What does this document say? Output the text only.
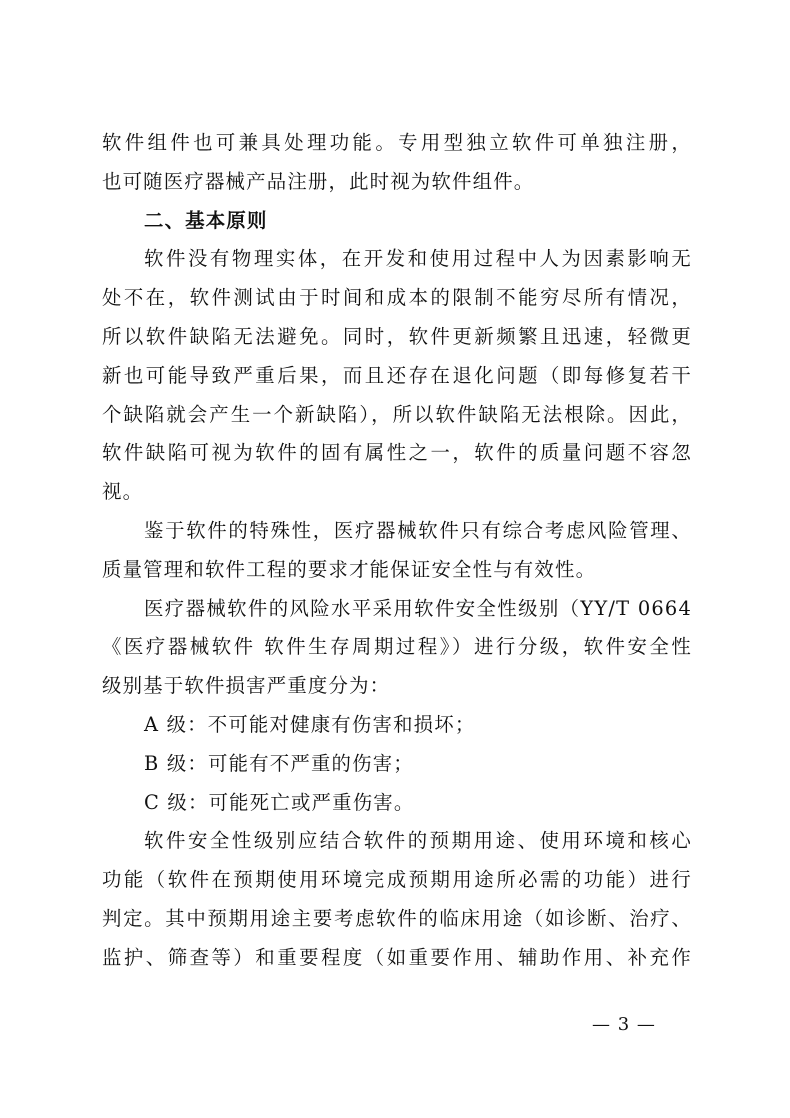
软件组件也可兼具处理功能。专用型独立软件可单独注册，
也可随医疗器械产品注册，此时视为软件组件。
二、基本原则
软件没有物理实体，在开发和使用过程中人为因素影响无
处不在，软件测试由于时间和成本的限制不能穷尽所有情况，
所以软件缺陷无法避免。同时，软件更新频繁且迅速，轻微更
新也可能导致严重后果，而且还存在退化问题（即每修复若干
个缺陷就会产生一个新缺陷），所以软件缺陷无法根除。因此，
软件缺陷可视为软件的固有属性之一，软件的质量问题不容忽
视。
鉴于软件的特殊性，医疗器械软件只有综合考虑风险管理、
质量管理和软件工程的要求才能保证安全性与有效性。
医疗器械软件的风险水平采用软件安全性级别（YY/T 0664
《医疗器械软件 软件生存周期过程》）进行分级，软件安全性
级别基于软件损害严重度分为：
A 级：不可能对健康有伤害和损坏；
B 级：可能有不严重的伤害；
C 级：可能死亡或严重伤害。
软件安全性级别应结合软件的预期用途、使用环境和核心
功能（软件在预期使用环境完成预期用途所必需的功能）进行
判定。其中预期用途主要考虑软件的临床用途（如诊断、治疗、
监护、筛查等）和重要程度（如重要作用、辅助作用、补充作
— 3 —
